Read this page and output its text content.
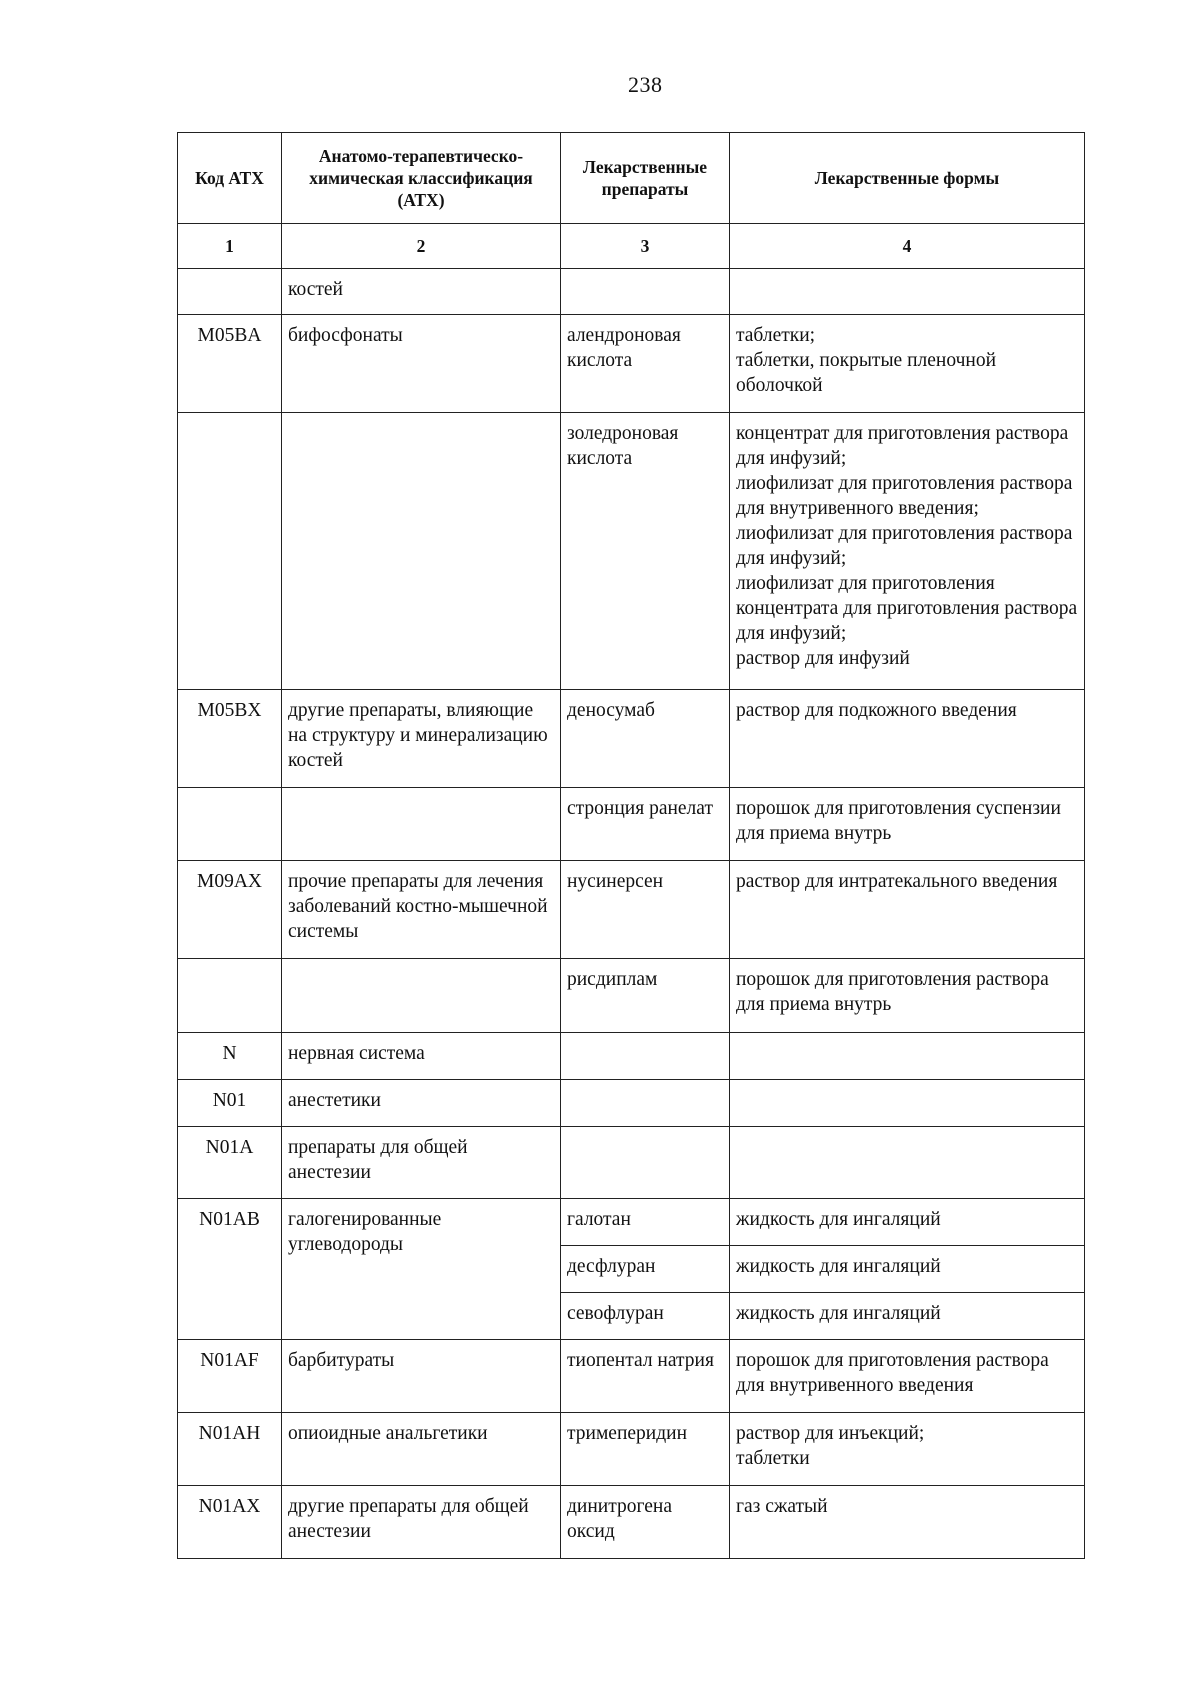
238
Код АТХ	Анатомо-терапевтическо-химическая классификация (АТХ)	Лекарственные препараты	Лекарственные формы
1	2	3	4
	костей		
M05BA	бифосфонаты	алендроновая кислота	таблетки;
таблетки, покрытые пленочной оболочкой
		золедроновая кислота	концентрат для приготовления раствора для инфузий;
лиофилизат для приготовления раствора для внутривенного введения;
лиофилизат для приготовления раствора для инфузий;
лиофилизат для приготовления концентрата для приготовления раствора для инфузий;
раствор для инфузий
M05BX	другие препараты, влияющие на структуру и минерализацию костей	деносумаб	раствор для подкожного введения
		стронция ранелат	порошок для приготовления суспензии для приема внутрь
M09AX	прочие препараты для лечения заболеваний костно-мышечной системы	нусинерсен	раствор для интратекального введения
		рисдиплам	порошок для приготовления раствора для приема внутрь
N	нервная система		
N01	анестетики		
N01A	препараты для общей анестезии		
N01AB	галогенированные углеводороды	галотан	жидкость для ингаляций
		десфлуран	жидкость для ингаляций
		севофлуран	жидкость для ингаляций
N01AF	барбитураты	тиопентал натрия	порошок для приготовления раствора для внутривенного введения
N01AH	опиоидные анальгетики	тримеперидин	раствор для инъекций;
таблетки
N01AX	другие препараты для общей анестезии	динитрогена оксид	газ сжатый
